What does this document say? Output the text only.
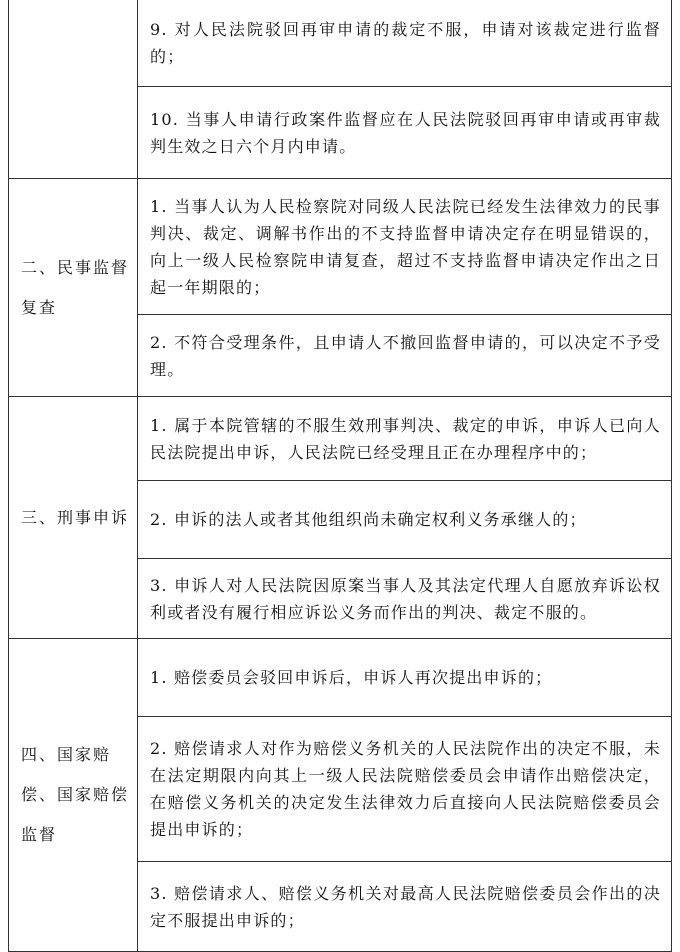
	9. 对人民法院驳回再审申请的裁定不服，申请对该裁定进行监督的；
	10. 当事人申请行政案件监督应在人民法院驳回再审申请或再审裁判生效之日六个月内申请。
二、民事监督复查	1. 当事人认为人民检察院对同级人民法院已经发生法律效力的民事判决、裁定、调解书作出的不支持监督申请决定存在明显错误的，向上一级人民检察院申请复查，超过不支持监督申请决定作出之日起一年期限的；
	2. 不符合受理条件，且申请人不撤回监督申请的，可以决定不予受理。
三、刑事申诉	1. 属于本院管辖的不服生效刑事判决、裁定的申诉，申诉人已向人民法院提出申诉，人民法院已经受理且正在办理程序中的；
	2. 申诉的法人或者其他组织尚未确定权利义务承继人的；
	3. 申诉人对人民法院因原案当事人及其法定代理人自愿放弃诉讼权利或者没有履行相应诉讼义务而作出的判决、裁定不服的。
四、国家赔偿、国家赔偿监督	1. 赔偿委员会驳回申诉后，申诉人再次提出申诉的；
	2. 赔偿请求人对作为赔偿义务机关的人民法院作出的决定不服，未在法定期限内向其上一级人民法院赔偿委员会申请作出赔偿决定，在赔偿义务机关的决定发生法律效力后直接向人民法院赔偿委员会提出申诉的；
	3. 赔偿请求人、赔偿义务机关对最高人民法院赔偿委员会作出的决定不服提出申诉的；
